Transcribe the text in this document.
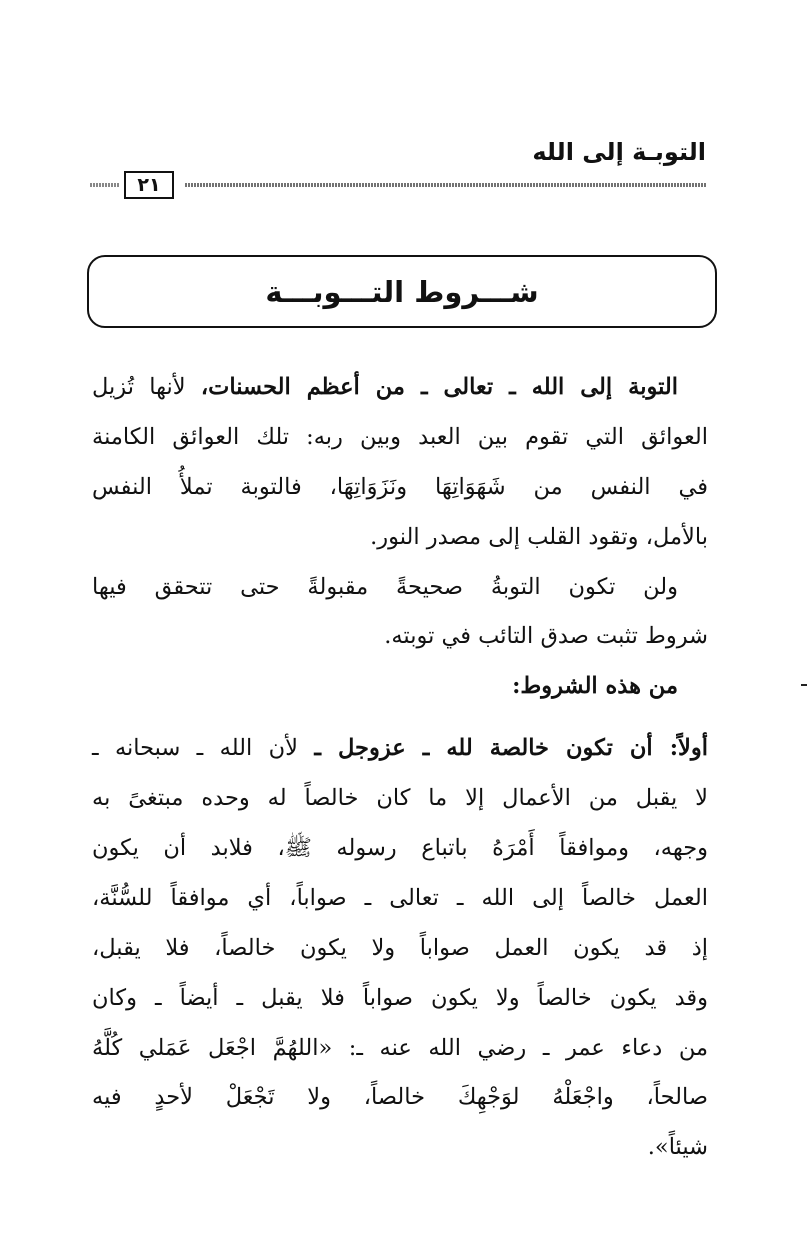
التوبـة إلى الله
٢١
شـــروط التـــوبـــة
التوبة إلى الله ـ تعالى ـ من أعظم الحسنات، لأنها تُزيل
العوائق التي تقوم بين العبد وبين ربه: تلك العوائق الكامنة
في النفس من شَهَوَاتِهَا ونَزَوَاتِهَا، فالتوبة تملأُ النفس
بالأمل، وتقود القلب إلى مصدر النور.
ولن تكون التوبةُ صحيحةً مقبولةً حتى تتحقق فيها
شروط تثبت صدق التائب في توبته.
من هذه الشروط:
أولاً: أن تكون خالصة لله ـ عزوجل ـ لأن الله ـ سبحانه ـ
لا يقبل من الأعمال إلا ما كان خالصاً له وحده مبتغىً به
وجهه، وموافقاً أَمْرَهُ باتباع رسوله ﷺ، فلابد أن يكون
العمل خالصاً إلى الله ـ تعالى ـ صواباً، أي موافقاً للسُّنَّة،
إذ قد يكون العمل صواباً ولا يكون خالصاً، فلا يقبل،
وقد يكون خالصاً ولا يكون صواباً فلا يقبل ـ أيضاً ـ وكان
من دعاء عمر ـ رضي الله عنه ـ: «اللهُمَّ اجْعَل عَمَلي كُلَّهُ
صالحاً، واجْعَلْهُ لوَجْهِكَ خالصاً، ولا تَجْعَلْ لأحدٍ فيه
شيئاً».
